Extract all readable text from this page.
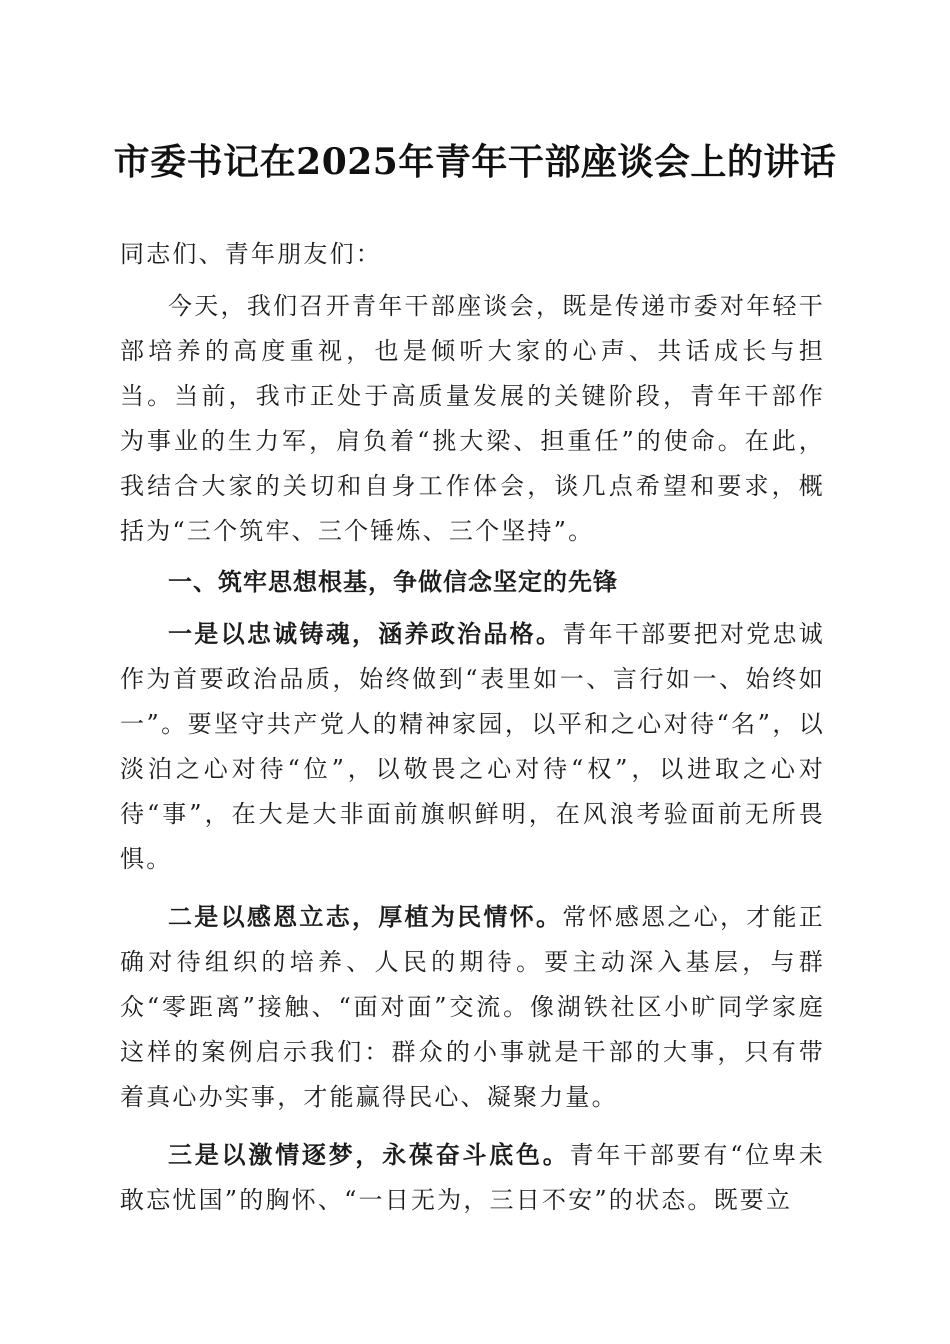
市委书记在2025年青年干部座谈会上的讲话

同志们、青年朋友们：

今天，我们召开青年干部座谈会，既是传递市委对年轻干部培养的高度重视，也是倾听大家的心声、共话成长与担当。当前，我市正处于高质量发展的关键阶段，青年干部作为事业的生力军，肩负着“挑大梁、担重任”的使命。在此，我结合大家的关切和自身工作体会，谈几点希望和要求，概括为“三个筑牢、三个锤炼、三个坚持”。

一、筑牢思想根基，争做信念坚定的先锋

一是以忠诚铸魂，涵养政治品格。青年干部要把对党忠诚作为首要政治品质，始终做到“表里如一、言行如一、始终如一”。要坚守共产党人的精神家园，以平和之心对待“名”，以淡泊之心对待“位”，以敬畏之心对待“权”，以进取之心对待“事”，在大是大非面前旗帜鲜明，在风浪考验面前无所畏惧。

二是以感恩立志，厚植为民情怀。常怀感恩之心，才能正确对待组织的培养、人民的期待。要主动深入基层，与群众“零距离”接触、“面对面”交流。像湖铁社区小旷同学家庭这样的案例启示我们：群众的小事就是干部的大事，只有带着真心办实事，才能赢得民心、凝聚力量。

三是以激情逐梦，永葆奋斗底色。青年干部要有“位卑未敢忘忧国”的胸怀、“一日无为，三日不安”的状态。既要立
